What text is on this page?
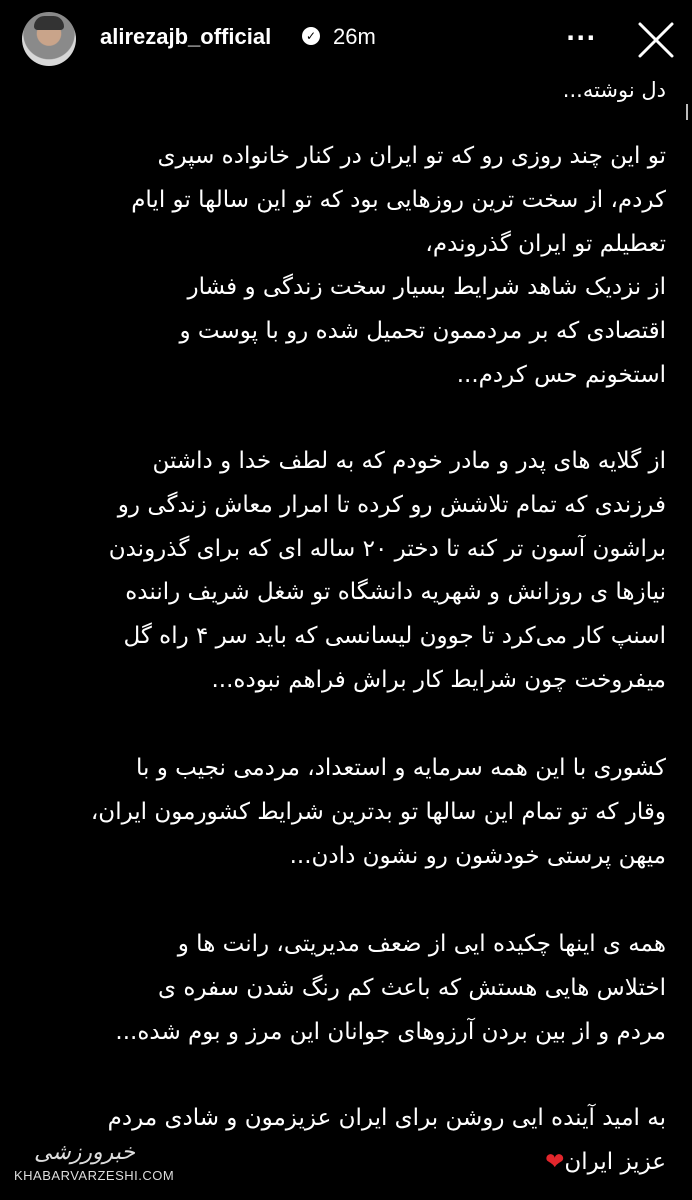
alirezajb_official	✓ 26m	...
دل نوشته...
تو این چند روزی رو که تو ایران در کنار خانواده سپری
کردم، از سخت ترین روزهایی بود که تو این سالها تو ایام
تعطیلم تو ایران گذروندم،
از نزدیک شاهد شرایط بسیار سخت زندگی و فشار
اقتصادی که بر مردممون تحمیل شده رو با پوست و
استخونم حس کردم...
از گلایه های پدر و مادر خودم که به لطف خدا و داشتن
فرزندی که تمام تلاشش رو کرده تا امرار معاش زندگی رو
براشون آسون تر کنه تا دختر ۲۰ ساله ای که برای گذروندن
نیازها ی روزانش و شهریه دانشگاه تو شغل شریف راننده
اسنپ کار می‌کرد تا جوون لیسانسی که باید سر ۴ راه گل
میفروخت چون شرایط کار براش فراهم نبوده...
کشوری با این همه سرمایه و استعداد، مردمی نجیب و با
وقار که تو تمام این سالها تو بدترین شرایط کشورمون ایران،
میهن پرستی خودشون رو نشون دادن...
همه ی اینها چکیده ایی از ضعف مدیریتی، رانت ها و
اختلاس هایی هستش که باعث کم رنگ شدن سفره ی
مردم و از بین بردن آرزوهای جوانان این مرز و بوم شده...
به امید آینده ایی روشن برای ایران عزیزمون و شادی مردم
عزیز ایران❤
خبرورزشی
KHABARVARZESHI.COM
